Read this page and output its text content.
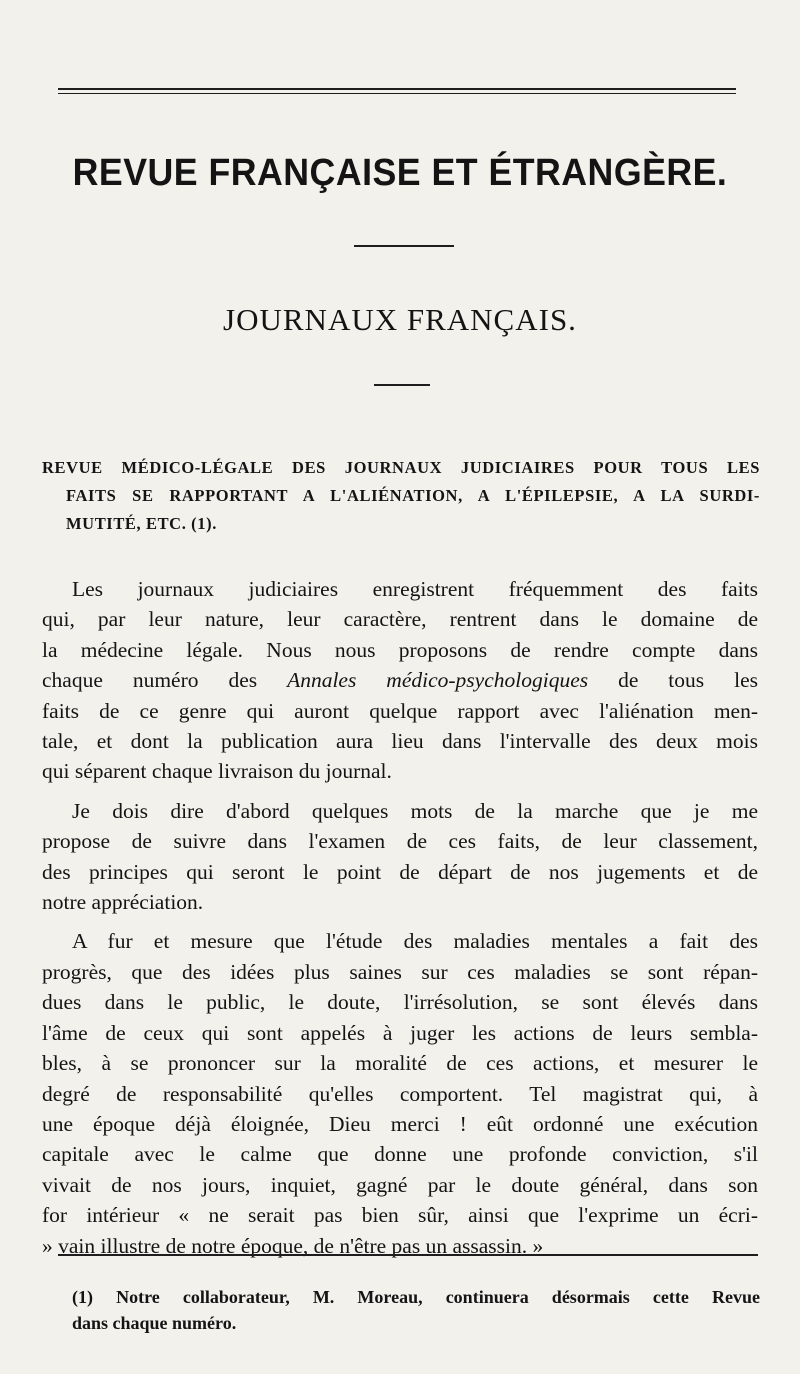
REVUE FRANÇAISE ET ÉTRANGÈRE.
JOURNAUX FRANÇAIS.
REVUE MÉDICO-LÉGALE DES JOURNAUX JUDICIAIRES POUR TOUS LES
FAITS SE RAPPORTANT A L'ALIÉNATION, A L'ÉPILEPSIE, A LA SURDI-
MUTITÉ, ETC. (1).

Les journaux judiciaires enregistrent fréquemment des faits
qui, par leur nature, leur caractère, rentrent dans le domaine de
la médecine légale. Nous nous proposons de rendre compte dans
chaque numéro des Annales médico-psychologiques de tous les
faits de ce genre qui auront quelque rapport avec l'aliénation men-
tale, et dont la publication aura lieu dans l'intervalle des deux mois
qui séparent chaque livraison du journal.

Je dois dire d'abord quelques mots de la marche que je me
propose de suivre dans l'examen de ces faits, de leur classement,
des principes qui seront le point de départ de nos jugements et de
notre appréciation.

A fur et mesure que l'étude des maladies mentales a fait des
progrès, que des idées plus saines sur ces maladies se sont répan-
dues dans le public, le doute, l'irrésolution, se sont élevés dans
l'âme de ceux qui sont appelés à juger les actions de leurs sembla-
bles, à se prononcer sur la moralité de ces actions, et mesurer le
degré de responsabilité qu'elles comportent. Tel magistrat qui, à
une époque déjà éloignée, Dieu merci ! eût ordonné une exécution
capitale avec le calme que donne une profonde conviction, s'il
vivait de nos jours, inquiet, gagné par le doute général, dans son
for intérieur « ne serait pas bien sûr, ainsi que l'exprime un écri-
» vain illustre de notre époque, de n'être pas un assassin. »

(1) Notre collaborateur, M. Moreau, continuera désormais cette Revue
dans chaque numéro.
